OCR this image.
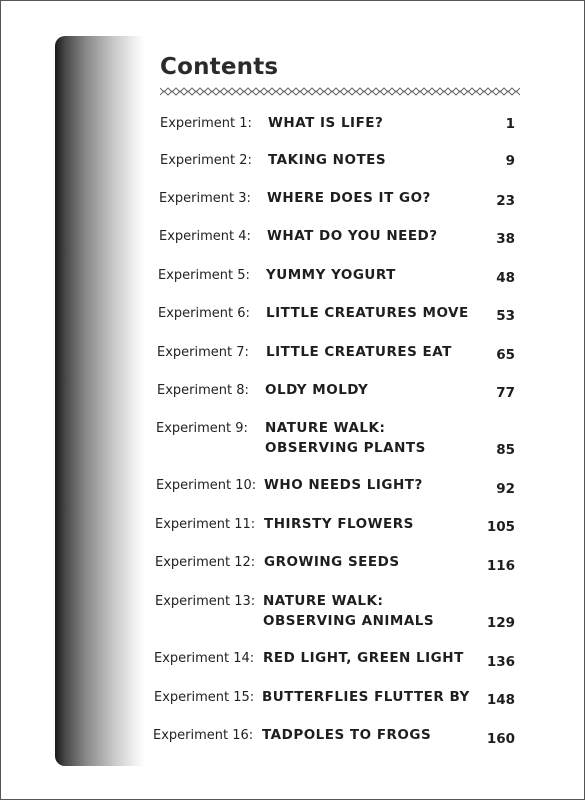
Contents
Experiment 1: WHAT IS LIFE?	1
Experiment 2: TAKING NOTES	9
Experiment 3: WHERE DOES IT GO?	23
Experiment 4: WHAT DO YOU NEED?	38
Experiment 5: YUMMY YOGURT	48
Experiment 6: LITTLE CREATURES MOVE 53
Experiment 7: LITTLE CREATURES EAT	65
Experiment 8: OLDY MOLDY	77
Experiment 9: NATURE WALK:
OBSERVING PLANTS	85
Experiment 10: WHO NEEDS LIGHT?	92
Experiment 11: THIRSTY FLOWERS	105
Experiment 12: GROWING SEEDS	116
Experiment 13: NATURE WALK:
OBSERVING ANIMALS	129
Experiment 14: RED LIGHT, GREEN LIGHT 136
Experiment 15: BUTTERFLIES FLUTTER BY 148
Experiment 16: TADPOLES TO FROGS	160
